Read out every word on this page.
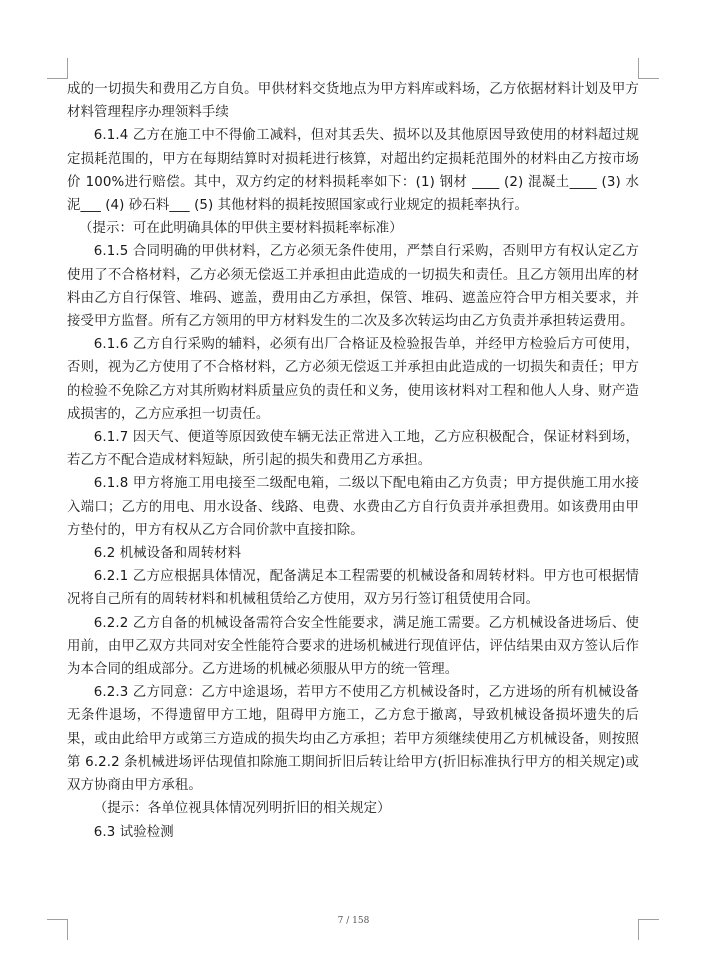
成的一切损失和费用乙方自负。甲供材料交货地点为甲方料库或料场，乙方依据材料计划及甲方材料管理程序办理领料手续

6.1.4 乙方在施工中不得偷工减料，但对其丢失、损坏以及其他原因导致使用的材料超过规定损耗范围的，甲方在每期结算时对损耗进行核算，对超出约定损耗范围外的材料由乙方按市场价 100%进行赔偿。其中，双方约定的材料损耗率如下：(1) 钢材 ____ (2) 混凝土____ (3) 水泥___ (4) 砂石料___ (5) 其他材料的损耗按照国家或行业规定的损耗率执行。

（提示：可在此明确具体的甲供主要材料损耗率标准）

6.1.5 合同明确的甲供材料，乙方必须无条件使用，严禁自行采购，否则甲方有权认定乙方使用了不合格材料，乙方必须无偿返工并承担由此造成的一切损失和责任。且乙方领用出库的材料由乙方自行保管、堆码、遮盖，费用由乙方承担，保管、堆码、遮盖应符合甲方相关要求，并接受甲方监督。所有乙方领用的甲方材料发生的二次及多次转运均由乙方负责并承担转运费用。

6.1.6 乙方自行采购的辅料，必须有出厂合格证及检验报告单，并经甲方检验后方可使用，否则，视为乙方使用了不合格材料，乙方必须无偿返工并承担由此造成的一切损失和责任；甲方的检验不免除乙方对其所购材料质量应负的责任和义务，使用该材料对工程和他人人身、财产造成损害的，乙方应承担一切责任。

6.1.7 因天气、便道等原因致使车辆无法正常进入工地，乙方应积极配合，保证材料到场，若乙方不配合造成材料短缺，所引起的损失和费用乙方承担。

6.1.8 甲方将施工用电接至二级配电箱，二级以下配电箱由乙方负责；甲方提供施工用水接入端口；乙方的用电、用水设备、线路、电费、水费由乙方自行负责并承担费用。如该费用由甲方垫付的，甲方有权从乙方合同价款中直接扣除。

6.2 机械设备和周转材料

6.2.1 乙方应根据具体情况，配备满足本工程需要的机械设备和周转材料。甲方也可根据情况将自己所有的周转材料和机械租赁给乙方使用，双方另行签订租赁使用合同。

6.2.2 乙方自备的机械设备需符合安全性能要求，满足施工需要。乙方机械设备进场后、使用前，由甲乙双方共同对安全性能符合要求的进场机械进行现值评估，评估结果由双方签认后作为本合同的组成部分。乙方进场的机械必须服从甲方的统一管理。

6.2.3 乙方同意：乙方中途退场，若甲方不使用乙方机械设备时，乙方进场的所有机械设备无条件退场，不得遗留甲方工地，阻碍甲方施工，乙方怠于撤离，导致机械设备损坏遗失的后果，或由此给甲方或第三方造成的损失均由乙方承担；若甲方须继续使用乙方机械设备，则按照第 6.2.2 条机械进场评估现值扣除施工期间折旧后转让给甲方(折旧标准执行甲方的相关规定)或双方协商由甲方承租。

（提示：各单位视具体情况列明折旧的相关规定）

6.3 试验检测

7 / 158
